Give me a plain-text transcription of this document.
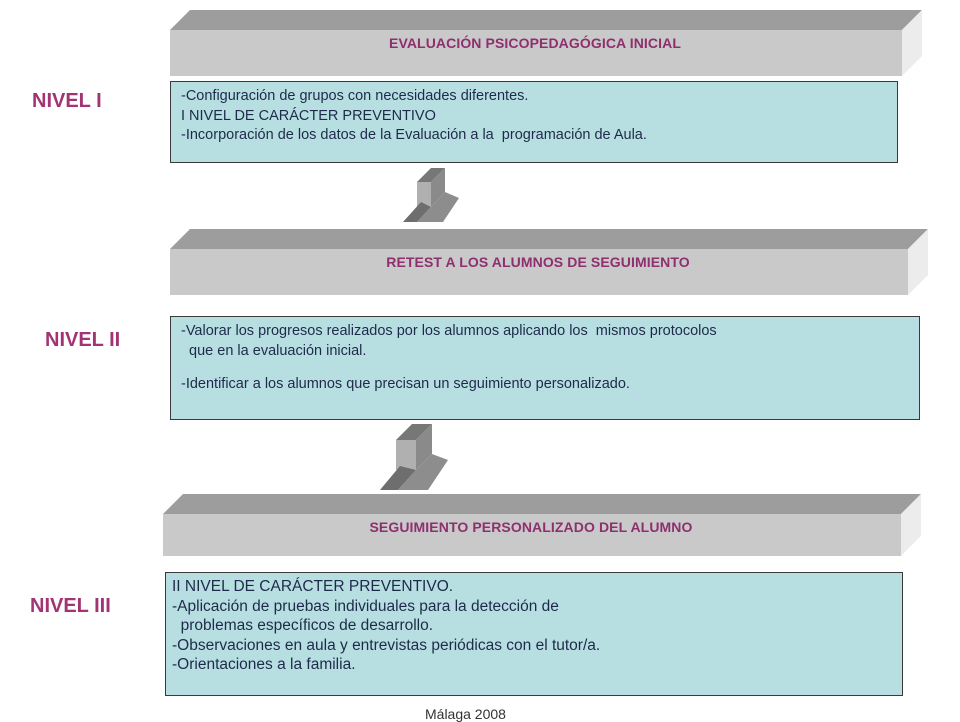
EVALUACIÓN PSICOPEDAGÓGICA INICIAL
NIVEL I	-Configuración de grupos con necesidades diferentes.
I NIVEL DE CARÁCTER PREVENTIVO
-Incorporación de los datos de la Evaluación a la  programación de Aula.
RETEST A LOS ALUMNOS DE SEGUIMIENTO
NIVEL II	-Valorar los progresos realizados por los alumnos aplicando los  mismos protocolos
que en la evaluación inicial.
-Identificar a los alumnos que precisan un seguimiento personalizado.
SEGUIMIENTO PERSONALIZADO DEL ALUMNO
NIVEL III
Málaga 2008
II NIVEL DE CARÁCTER PREVENTIVO.
-Aplicación de pruebas individuales para la detección de
problemas específicos de desarrollo.
-Observaciones en aula y entrevistas periódicas con el tutor/a.
-Orientaciones a la familia.
